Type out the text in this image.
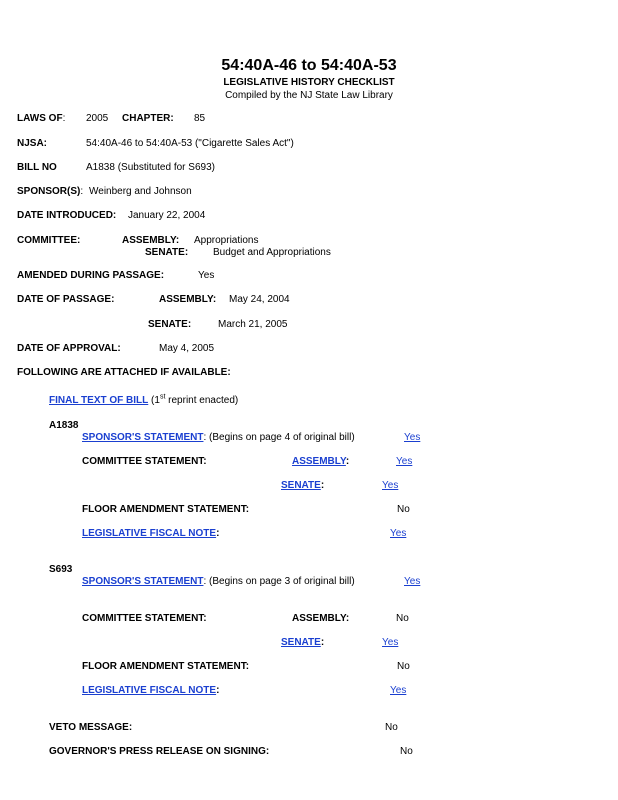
54:40A-46 to 54:40A-53
LEGISLATIVE HISTORY CHECKLIST
Compiled by the NJ State Law Library
LAWS OF: 2005 CHAPTER: 85
NJSA:	54:40A-46 to 54:40A-53 ("Cigarette Sales Act")
BILL NO	A1838 (Substituted for S693)
SPONSOR(S): Weinberg and Johnson
DATE INTRODUCED: January 22, 2004
COMMITTEE:	ASSEMBLY: Appropriations
SENATE: Budget and Appropriations
AMENDED DURING PASSAGE:	Yes
DATE OF PASSAGE:	ASSEMBLY: May 24, 2004
SENATE:	March 21, 2005
DATE OF APPROVAL:	May 4, 2005
FOLLOWING ARE ATTACHED IF AVAILABLE:
FINAL TEXT OF BILL (1st reprint enacted)
A1838
SPONSOR'S STATEMENT: (Begins on page 4 of original bill)	Yes
COMMITTEE STATEMENT:	ASSEMBLY:	Yes
SENATE:	Yes
FLOOR AMENDMENT STATEMENT:	No
LEGISLATIVE FISCAL NOTE:	Yes
S693
SPONSOR'S STATEMENT: (Begins on page 3 of original bill)	Yes
COMMITTEE STATEMENT:	ASSEMBLY:	No
SENATE:	Yes
FLOOR AMENDMENT STATEMENT:	No
LEGISLATIVE FISCAL NOTE:	Yes
VETO MESSAGE:	No
GOVERNOR'S PRESS RELEASE ON SIGNING:	No
